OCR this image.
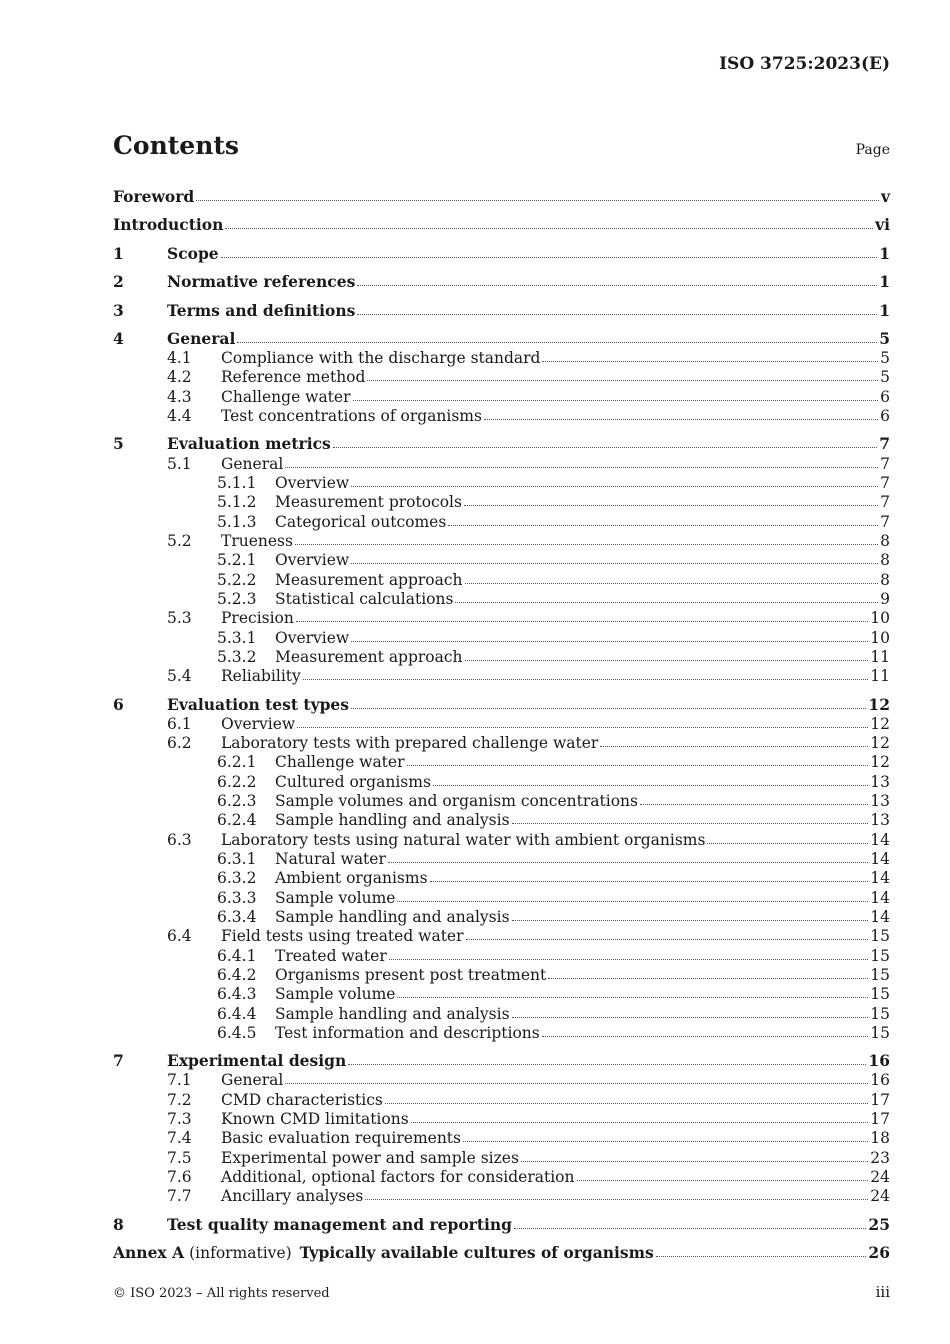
ISO 3725:2023(E)
Contents	Page
Foreword	v
Introduction	vi
1	Scope	1
2	Normative references	1
3	Terms and definitions	1
4	General	5
4.1	Compliance with the discharge standard	5
4.2	Reference method	5
4.3	Challenge water	6
4.4	Test concentrations of organisms	6
5	Evaluation metrics	7
5.1	General	7
5.1.1	Overview	7
5.1.2	Measurement protocols	7
5.1.3	Categorical outcomes	7
5.2	Trueness	8
5.2.1	Overview	8
5.2.2	Measurement approach	8
5.2.3	Statistical calculations	9
5.3	Precision	10
5.3.1	Overview	10
5.3.2	Measurement approach	11
5.4	Reliability	11
6	Evaluation test types	12
6.1	Overview	12
6.2	Laboratory tests with prepared challenge water	12
6.2.1	Challenge water	12
6.2.2	Cultured organisms	13
6.2.3	Sample volumes and organism concentrations	13
6.2.4	Sample handling and analysis	13
6.3	Laboratory tests using natural water with ambient organisms	14
6.3.1	Natural water	14
6.3.2	Ambient organisms	14
6.3.3	Sample volume	14
6.3.4	Sample handling and analysis	14
6.4	Field tests using treated water	15
6.4.1	Treated water	15
6.4.2	Organisms present post treatment	15
6.4.3	Sample volume	15
6.4.4	Sample handling and analysis	15
6.4.5	Test information and descriptions	15
7	Experimental design	16
7.1	General	16
7.2	CMD characteristics	17
7.3	Known CMD limitations	17
7.4	Basic evaluation requirements	18
7.5	Experimental power and sample sizes	23
7.6	Additional, optional factors for consideration	24
7.7	Ancillary analyses	24
8	Test quality management and reporting	25
Annex A (informative) Typically available cultures of organisms	26
© ISO 2023 – All rights reserved	iii
